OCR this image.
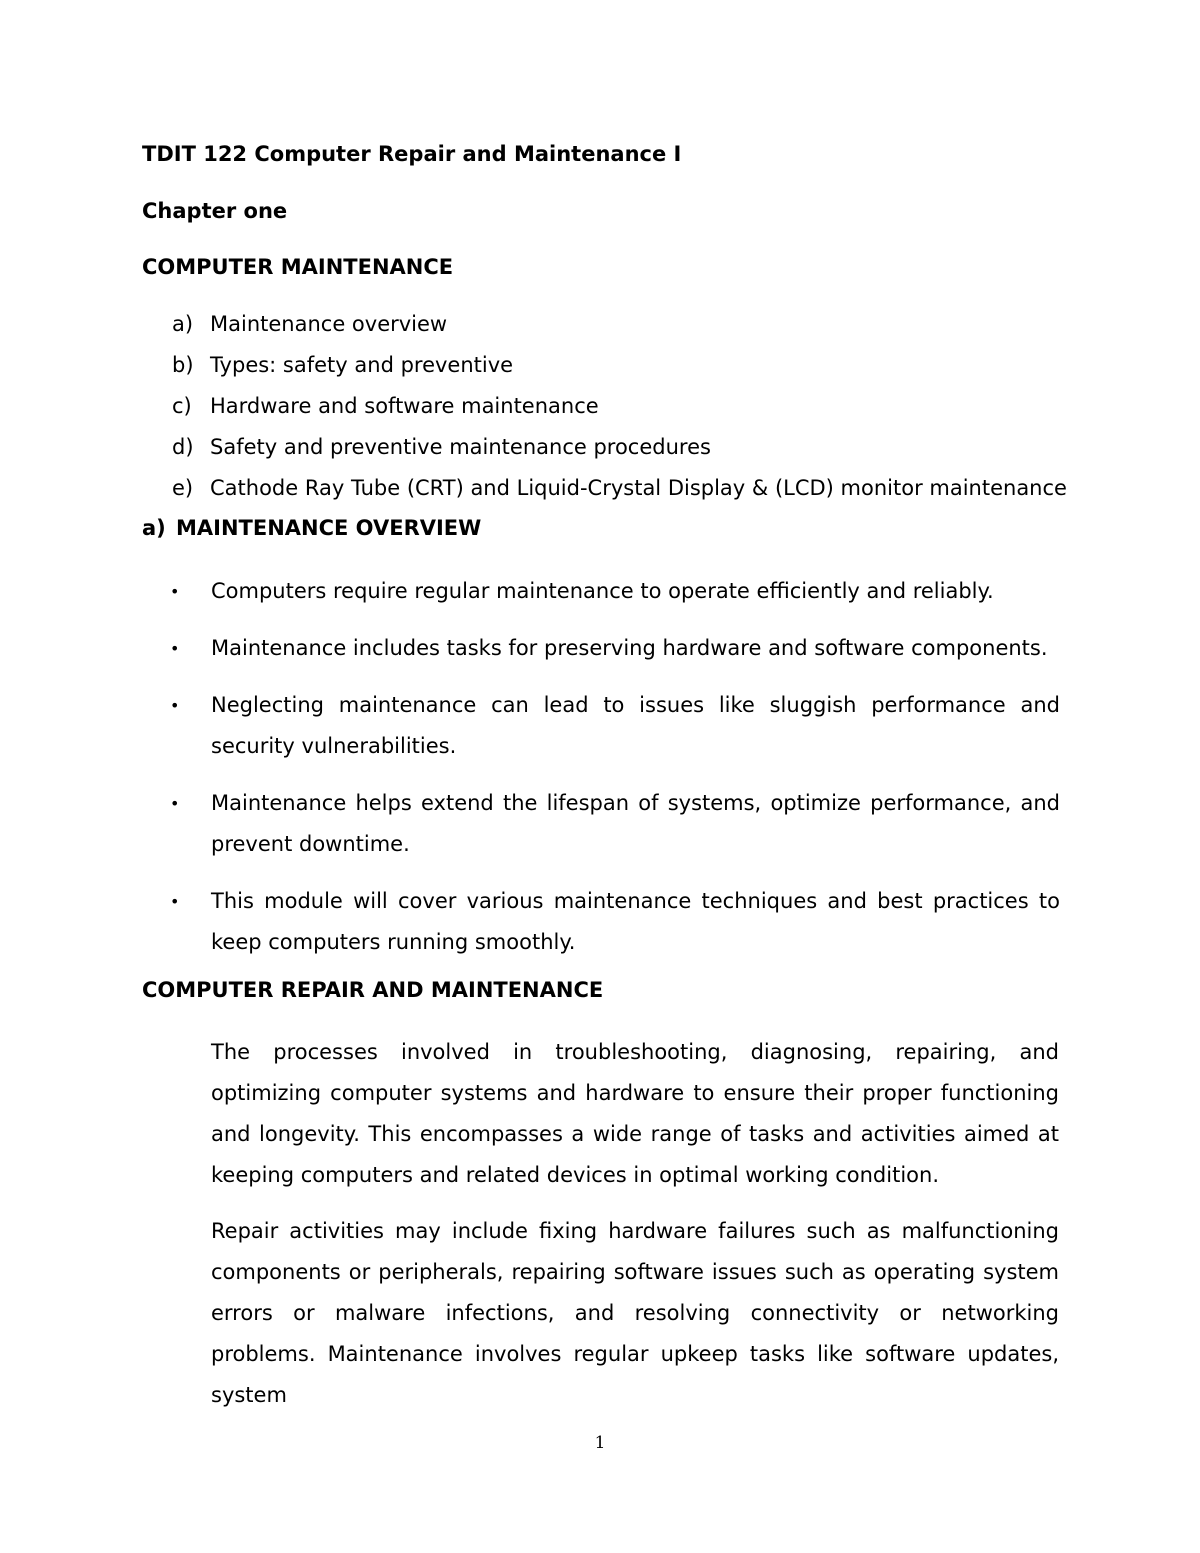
TDIT 122 Computer Repair and Maintenance I
Chapter one
COMPUTER MAINTENANCE
a) Maintenance overview
b) Types: safety and preventive
c) Hardware and software maintenance
d) Safety and preventive maintenance procedures
e) Cathode Ray Tube (CRT) and Liquid-Crystal Display & (LCD) monitor maintenance
a) MAINTENANCE OVERVIEW
•	Computers require regular maintenance to operate efficiently and reliably.
•	Maintenance includes tasks for preserving hardware and software components.
•	Neglecting maintenance can lead to issues like sluggish performance and security vulnerabilities.
•	Maintenance helps extend the lifespan of systems, optimize performance, and prevent downtime.
•	This module will cover various maintenance techniques and best practices to keep computers running smoothly.
COMPUTER REPAIR AND MAINTENANCE

The processes involved in troubleshooting, diagnosing, repairing, and optimizing computer systems and hardware to ensure their proper functioning and longevity. This encompasses a wide range of tasks and activities aimed at keeping computers and related devices in optimal working condition.

Repair activities may include fixing hardware failures such as malfunctioning components or peripherals, repairing software issues such as operating system errors or malware infections, and resolving connectivity or networking problems. Maintenance involves regular upkeep tasks like software updates, system

1
